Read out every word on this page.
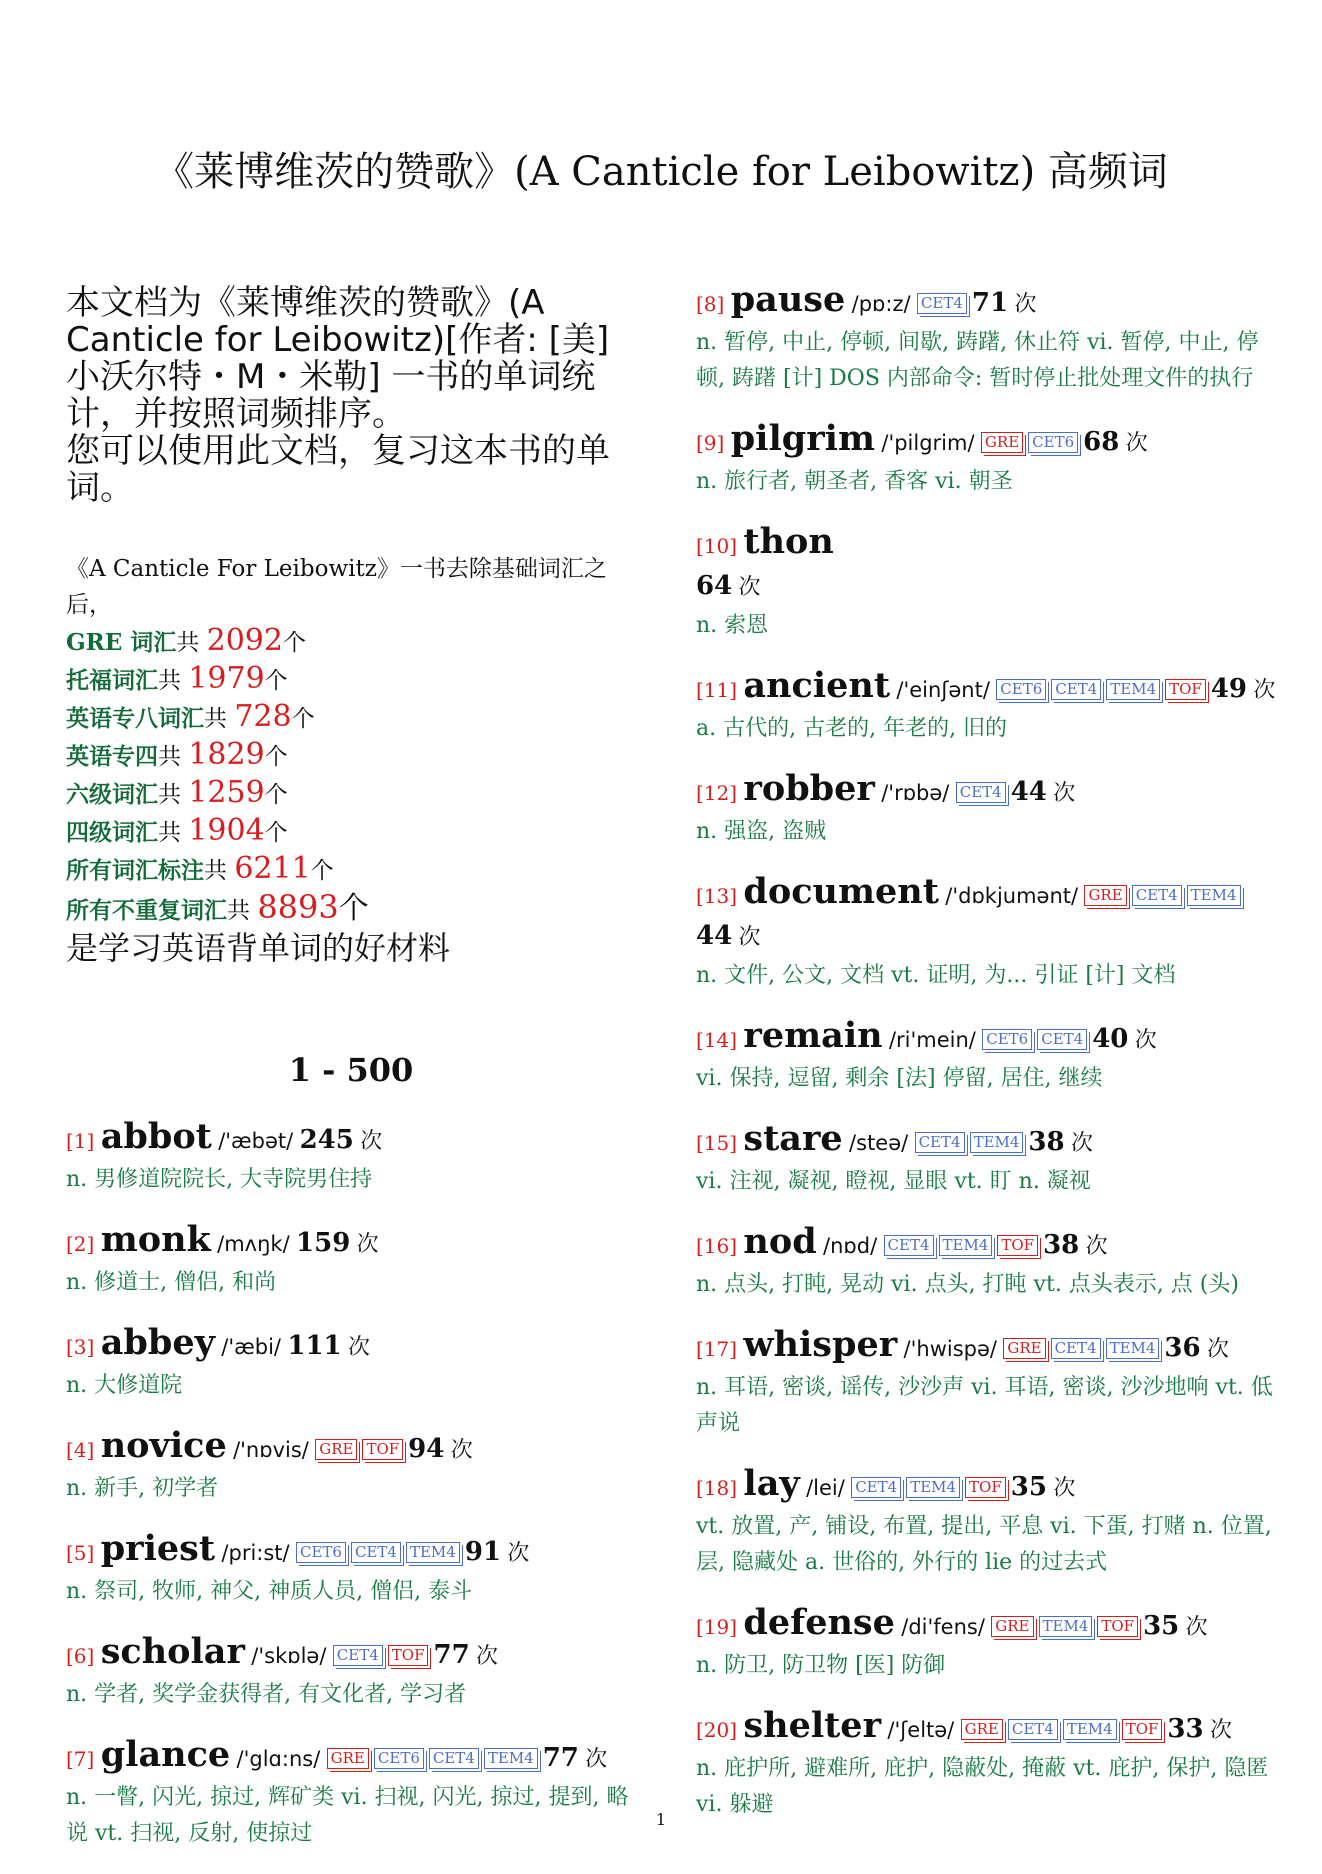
《莱博维茨的赞歌》(A Canticle for Leibowitz) 高频词

本文档为《莱博维茨的赞歌》(A Canticle for Leibowitz)[作者: [美] 小沃尔特・M・米勒] 一书的单词统计，并按照词频排序。

您可以使用此文档，复习这本书的单词。

《A Canticle For Leibowitz》一书去除基础词汇之后，
GRE 词汇共 2092个
托福词汇共 1979个
英语专八词汇共 728个
英语专四共 1829个
六级词汇共 1259个
四级词汇共 1904个
所有词汇标注共 6211个
所有不重复词汇共 8893个
是学习英语背单词的好材料
1 - 500
[1] abbot /'æbət/ 245 次
n. 男修道院院长, 大寺院男住持
[2] monk /mʌŋk/ 159 次
n. 修道士, 僧侣, 和尚
[3] abbey /'æbi/ 111 次
n. 大修道院
[4] novice /'nɒvis/ GRE TOF 94 次
n. 新手, 初学者
[5] priest /pri:st/ CET6 CET4 TEM4 91 次
n. 祭司, 牧师, 神父, 神质人员, 僧侣, 泰斗
[6] scholar /'skɒlə/ CET4 TOF 77 次
n. 学者, 奖学金获得者, 有文化者, 学习者
[7] glance /'glɑ:ns/ GRE CET6 CET4 TEM4 77 次
n. 一瞥, 闪光, 掠过, 辉矿类 vi. 扫视, 闪光, 掠过, 提到, 略说 vt. 扫视, 反射, 使掠过
[8] pause /pɒ:z/ CET4 71 次
n. 暂停, 中止, 停顿, 间歇, 踌躇, 休止符 vi. 暂停, 中止, 停顿, 踌躇 [计] DOS 内部命令: 暂时停止批处理文件的执行
[9] pilgrim /'pilgrim/ GRE CET6 68 次
n. 旅行者, 朝圣者, 香客 vi. 朝圣
[10] thon
64 次
n. 索恩
[11] ancient /'einʃənt/ CET6 CET4 TEM4 TOF 49 次
a. 古代的, 古老的, 年老的, 旧的
[12] robber /'rɒbə/ CET4 44 次
n. 强盗, 盗贼
[13] document /'dɒkjumənt/ GRE CET4 TEM444 次
n. 文件, 公文, 文档 vt. 证明, 为... 引证 [计] 文档
[14] remain /ri'mein/ CET6 CET4 40 次
vi. 保持, 逗留, 剩余 [法] 停留, 居住, 继续
[15] stare /steə/ CET4 TEM4 38 次
vi. 注视, 凝视, 瞪视, 显眼 vt. 盯 n. 凝视
[16] nod /nɒd/ CET4 TEM4 TOF 38 次
n. 点头, 打盹, 晃动 vi. 点头, 打盹 vt. 点头表示, 点 (头)
[17] whisper /'hwispə/ GRE CET4 TEM4 36 次
n. 耳语, 密谈, 谣传, 沙沙声 vi. 耳语, 密谈, 沙沙地响 vt. 低声说
[18] lay /lei/ CET4 TEM4 TOF 35 次
vt. 放置, 产, 铺设, 布置, 提出, 平息 vi. 下蛋, 打赌 n. 位置, 层, 隐藏处 a. 世俗的, 外行的 lie 的过去式
[19] defense /di'fens/ GRE TEM4 TOF 35 次
n. 防卫, 防卫物 [医] 防御
[20] shelter /'ʃeltə/ GRE CET4 TEM4 TOF 33 次
n. 庇护所, 避难所, 庇护, 隐蔽处, 掩蔽 vt. 庇护, 保护, 隐匿 vi. 躲避
1
